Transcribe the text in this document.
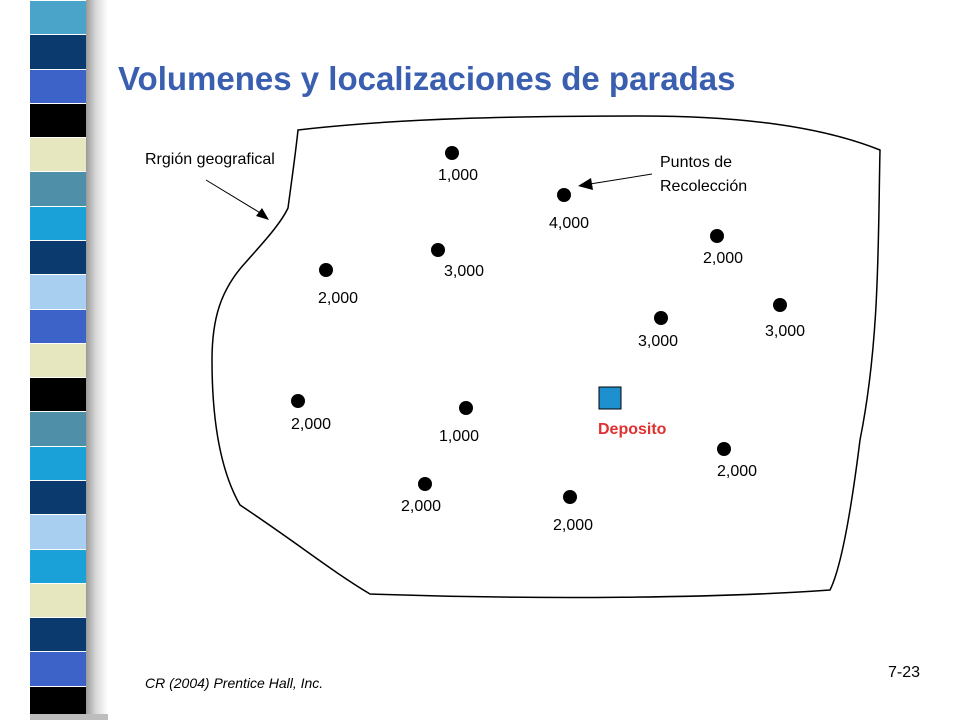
Volumenes y localizaciones de paradas
Rrgión geografical	Puntos de
Recolección
1,000
4,000
3,000
2,000
2,000
3,000
3,000
2,000
1,000
2,000
2,000
2,000
Deposito
CR (2004) Prentice Hall, Inc.
7-23
